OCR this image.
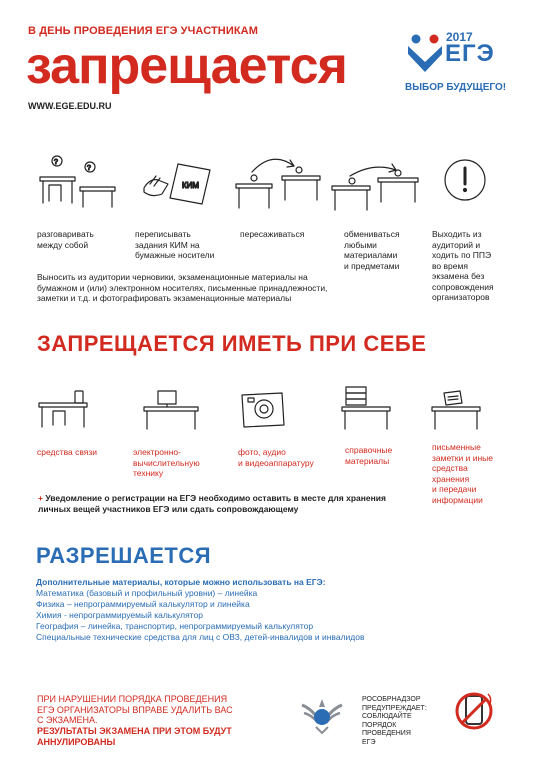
В ДЕНЬ ПРОВЕДЕНИЯ ЕГЭ УЧАСТНИКАМ
запрещается
WWW.EGE.EDU.RU
2017
ЕГЭ
ВЫБОР БУДУЩЕГО!
?
?
КИМ
разговаривать
между собой
переписывать
задания КИМ на
бумажные носители
пересаживаться	обмениваться
любыми
материалами
и предметами
Выходить из
аудиторий и
ходить по ППЭ
во время
экзамена без
сопровождения
организаторов
Выносить из аудитории черновики, экзаменационные материалы на
бумажном и (или) электронном носителях, письменные принадлежности,
заметки и т.д. и фотографировать экзаменационные материалы
ЗАПРЕЩАЕТСЯ ИМЕТЬ ПРИ СЕБЕ
средства связи	электронно-
вычислительную
технику
фото, аудио
и видеоаппаратуру
справочные
материалы
письменные
заметки и иные
средства
хранения
и передачи
информации
+ Уведомление о регистрации на ЕГЭ необходимо оставить в месте для хранения
личных вещей участников ЕГЭ или сдать сопровождающему
РАЗРЕШАЕТСЯ
Дополнительные материалы, которые можно использовать на ЕГЭ:
Математика (базовый и профильный уровни) – линейка
Физика – непрограммируемый калькулятор и линейка
Химия - непрограммируемый калькулятор
География – линейка, транспортир, непрограммируемый калькулятор
Специальные технические средства для лиц с ОВЗ, детей-инвалидов и инвалидов
ПРИ НАРУШЕНИИ ПОРЯДКА ПРОВЕДЕНИЯ
ЕГЭ ОРГАНИЗАТОРЫ ВПРАВЕ УДАЛИТЬ ВАС
С ЭКЗАМЕНА.
РЕЗУЛЬТАТЫ ЭКЗАМЕНА ПРИ ЭТОМ БУДУТ
АННУЛИРОВАНЫ
РОСОБРНАДЗОР
ПРЕДУПРЕЖДАЕТ:
СОБЛЮДАЙТЕ
ПОРЯДОК
ПРОВЕДЕНИЯ
ЕГЭ
